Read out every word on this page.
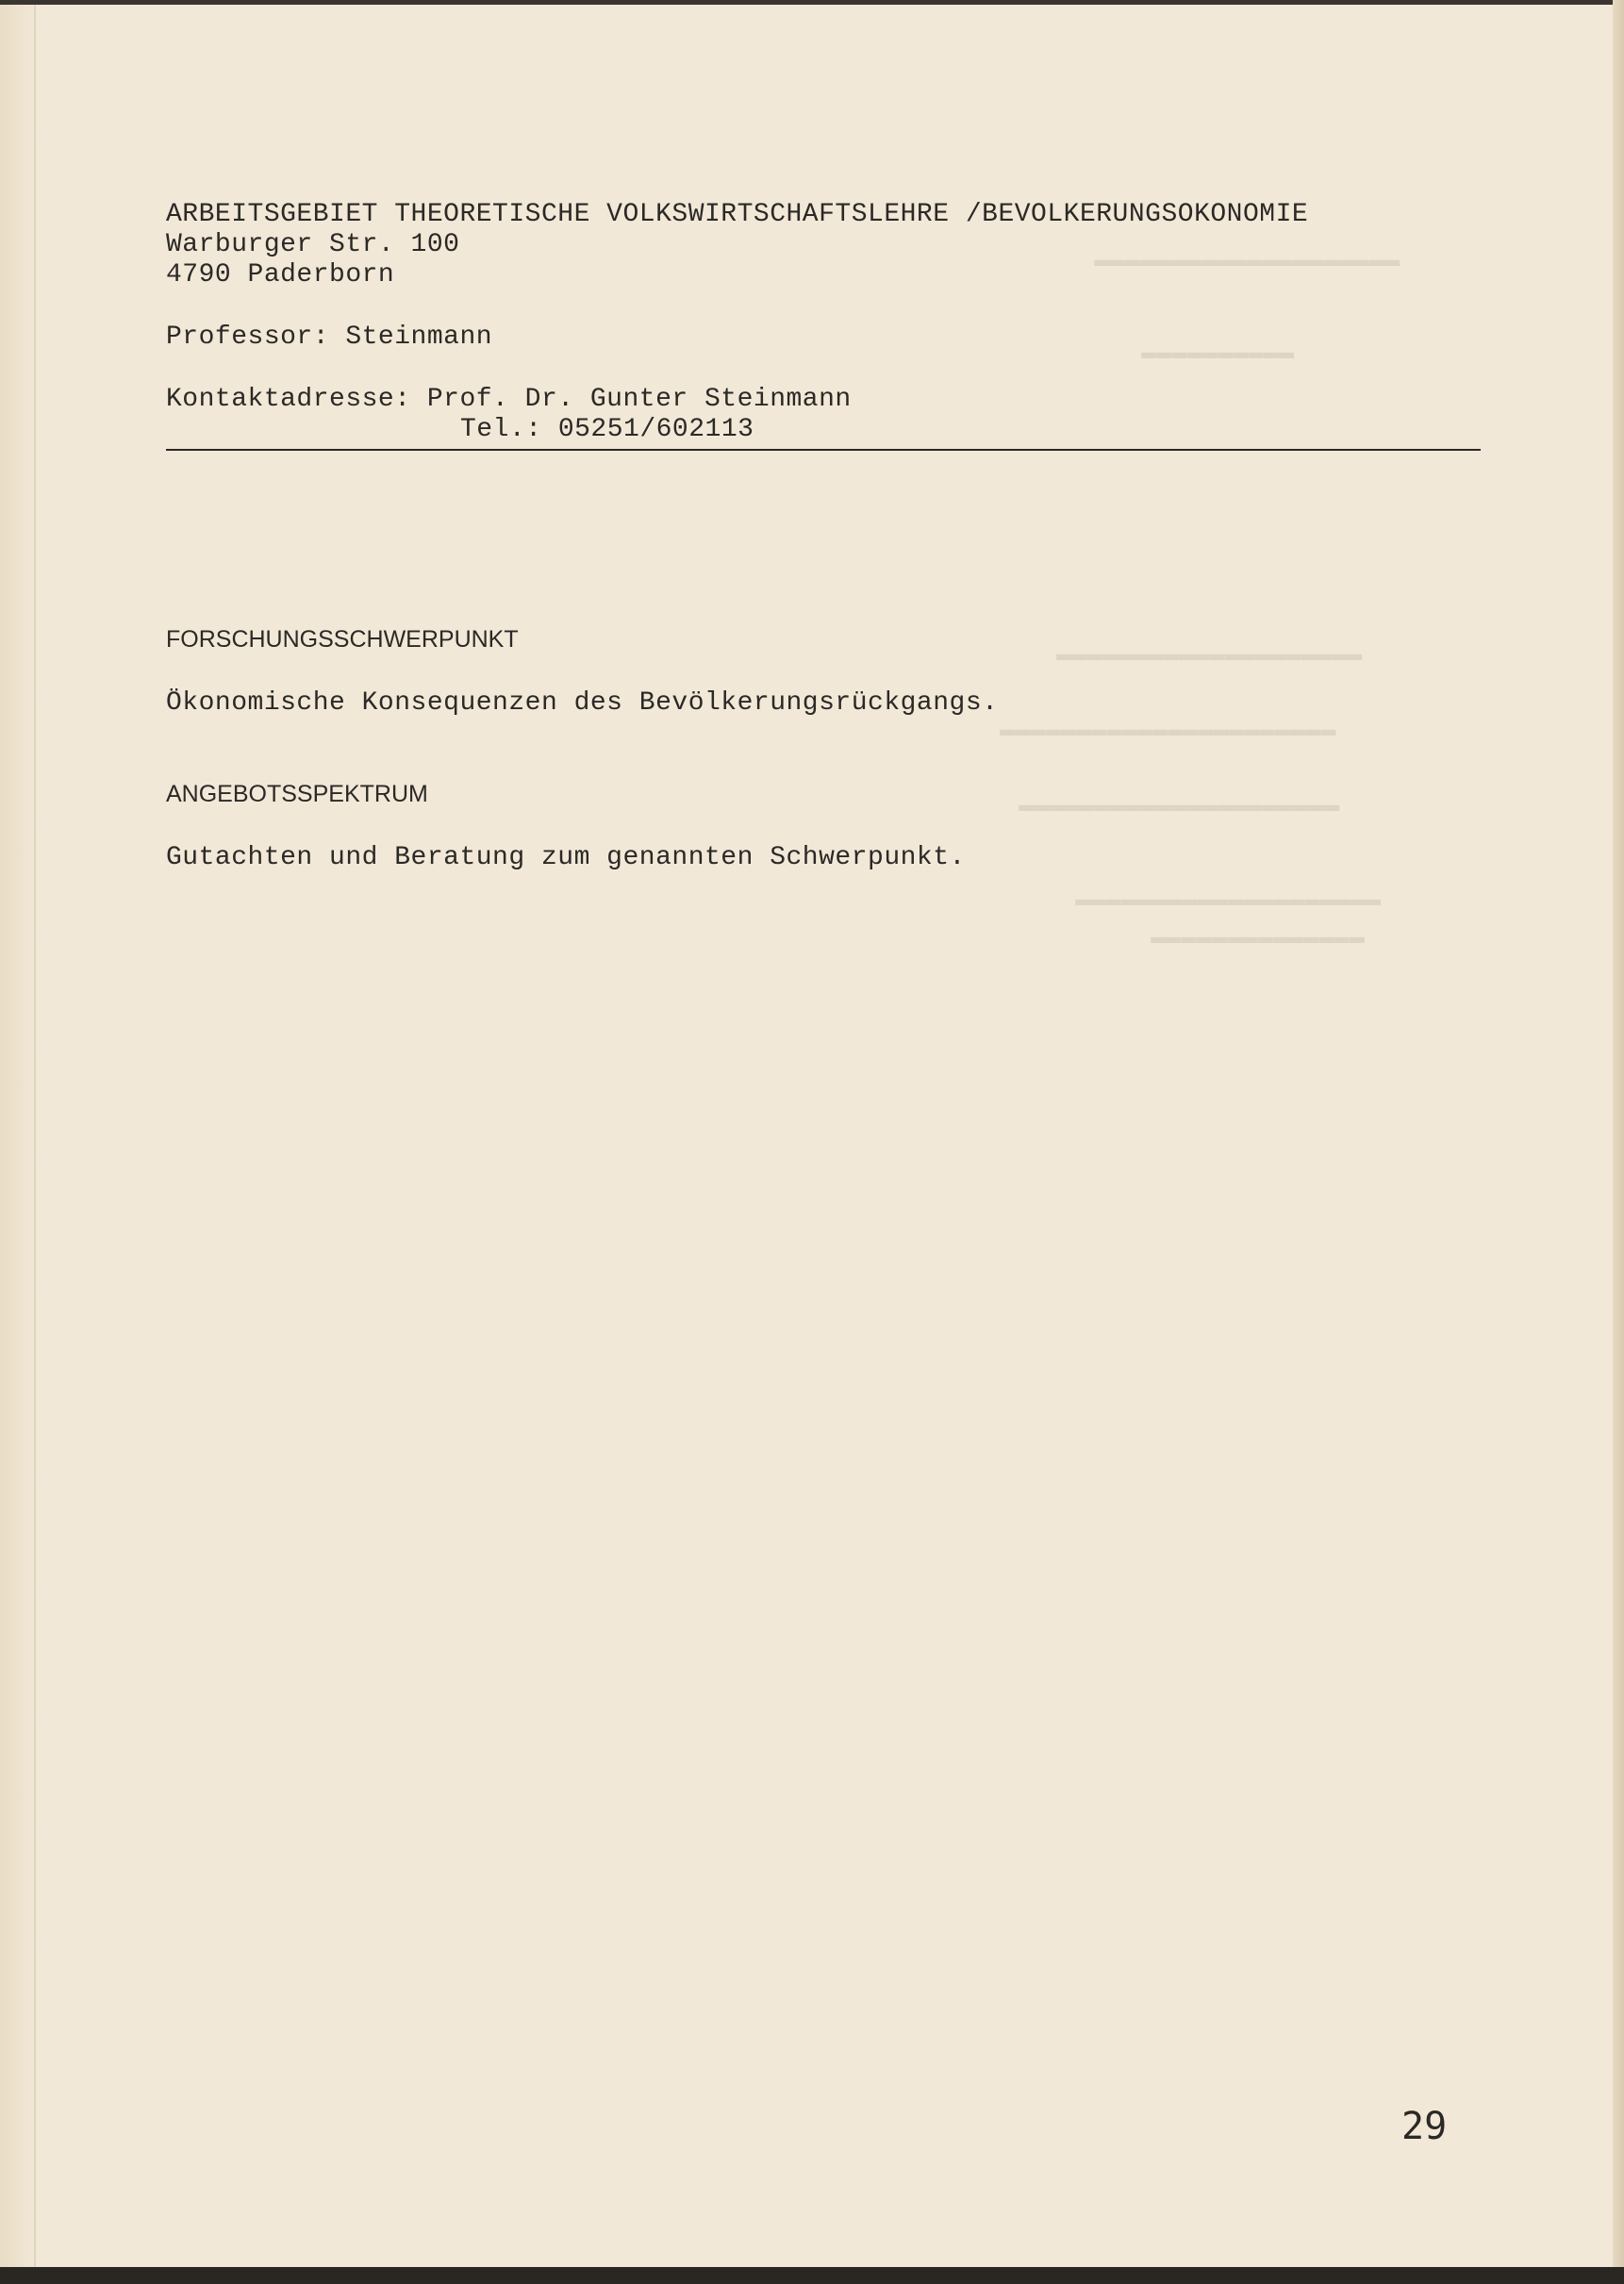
▬▬▬▬▬▬▬▬▬▬▬▬▬▬▬▬▬▬▬▬
▬▬▬▬▬▬▬▬▬▬
▬▬▬▬▬▬▬▬▬▬▬▬▬▬▬▬▬▬▬▬
▬▬▬▬▬▬▬▬▬▬▬▬▬▬▬▬▬▬▬▬▬▬
▬▬▬▬▬▬▬▬▬▬▬▬▬▬▬▬▬▬▬▬▬
▬▬▬▬▬▬▬▬▬▬▬▬▬▬▬▬▬▬▬▬
▬▬▬▬▬▬▬▬▬▬▬▬▬▬
ARBEITSGEBIET THEORETISCHE VOLKSWIRTSCHAFTSLEHRE /BEVOLKERUNGSOKONOMIE
Warburger Str. 100
4790 Paderborn
Professor: Steinmann
Kontaktadresse: Prof. Dr. Gunter Steinmann
Tel.: 05251/602113
FORSCHUNGSSCHWERPUNKT
Ökonomische Konsequenzen des Bevölkerungsrückgangs.
ANGEBOTSSPEKTRUM
Gutachten und Beratung zum genannten Schwerpunkt.
29
